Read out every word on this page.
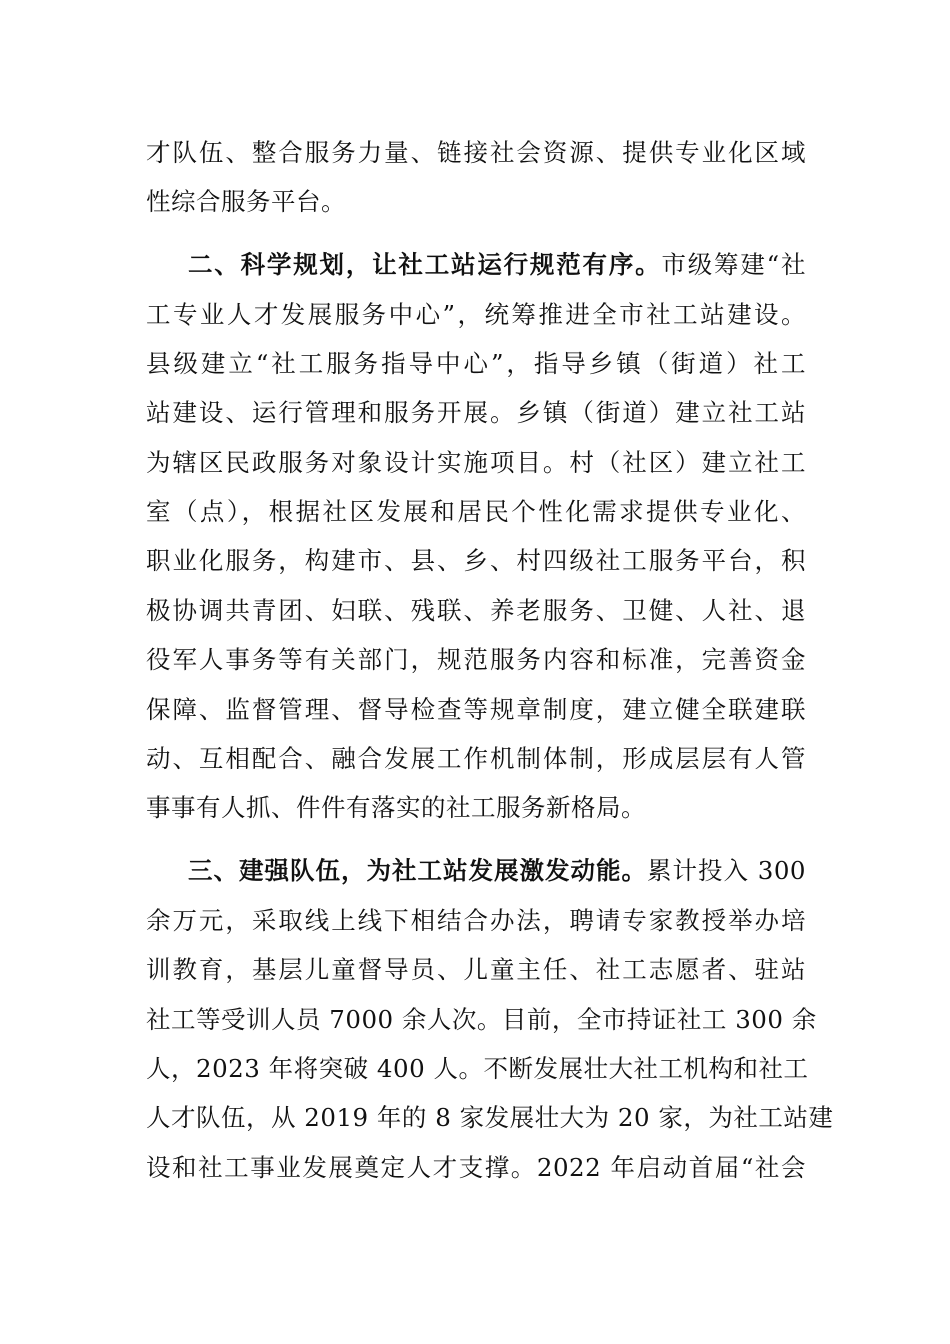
才队伍、整合服务力量、链接社会资源、提供专业化区域
性综合服务平台。
二、科学规划，让社工站运行规范有序。市级筹建“社
工专业人才发展服务中心”，统筹推进全市社工站建设。
县级建立“社工服务指导中心”，指导乡镇（街道）社工
站建设、运行管理和服务开展。乡镇（街道）建立社工站
为辖区民政服务对象设计实施项目。村（社区）建立社工
室（点），根据社区发展和居民个性化需求提供专业化、
职业化服务，构建市、县、乡、村四级社工服务平台，积
极协调共青团、妇联、残联、养老服务、卫健、人社、退
役军人事务等有关部门，规范服务内容和标准，完善资金
保障、监督管理、督导检查等规章制度，建立健全联建联
动、互相配合、融合发展工作机制体制，形成层层有人管
事事有人抓、件件有落实的社工服务新格局。
三、建强队伍，为社工站发展激发动能。累计投入 300
余万元，采取线上线下相结合办法，聘请专家教授举办培
训教育，基层儿童督导员、儿童主任、社工志愿者、驻站
社工等受训人员 7000 余人次。目前，全市持证社工 300 余
人，2023 年将突破 400 人。不断发展壮大社工机构和社工
人才队伍，从 2019 年的 8 家发展壮大为 20 家，为社工站建
设和社工事业发展奠定人才支撑。2022 年启动首届“社会
